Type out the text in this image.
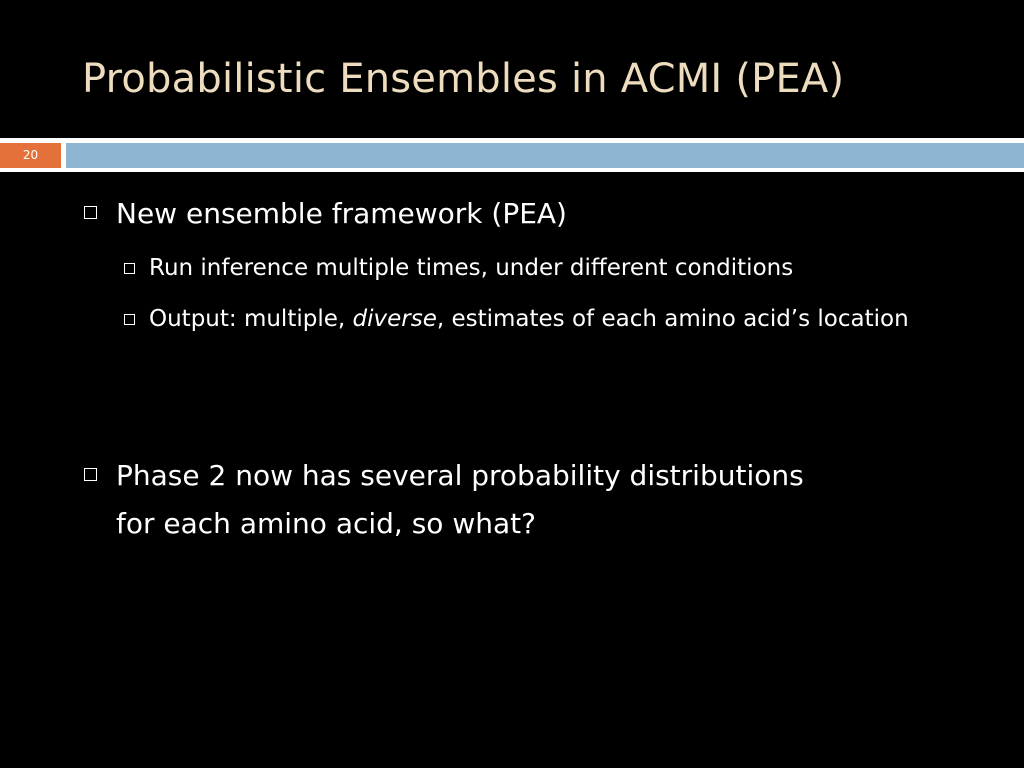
Probabilistic Ensembles in ACMI (PEA)
20
New ensemble framework (PEA)
Run inference multiple times, under different conditions
Output: multiple, diverse, estimates of each amino acid’s location
Phase 2 now has several probability distributions
for each amino acid, so what?
